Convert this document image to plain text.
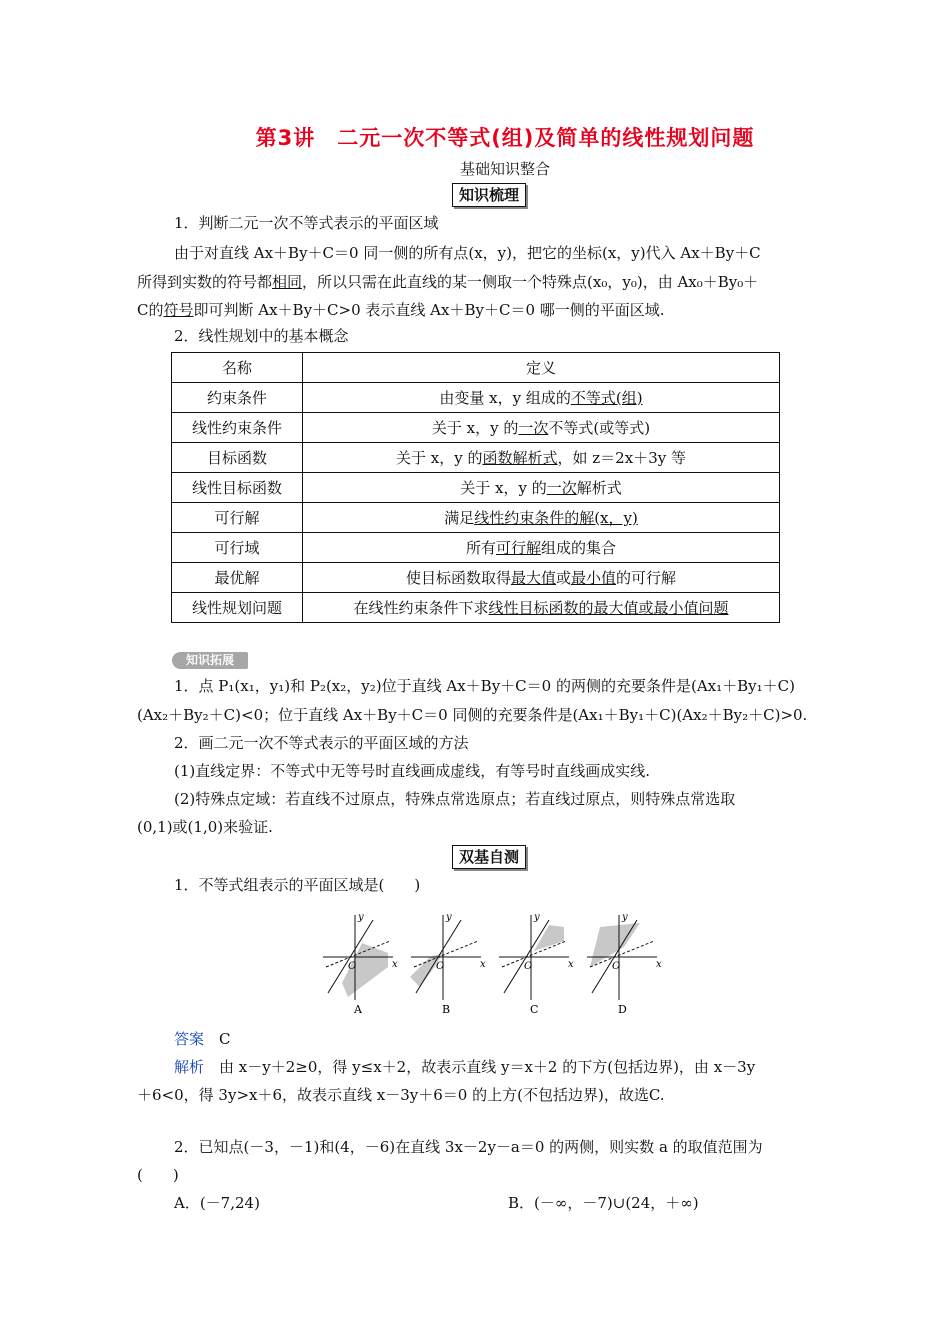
第3讲　二元一次不等式(组)及简单的线性规划问题
基础知识整合
知识梳理
1．判断二元一次不等式表示的平面区域
由于对直线 Ax＋By＋C＝0 同一侧的所有点(x，y)，把它的坐标(x，y)代入 Ax＋By＋C
所得到实数的符号都相同，所以只需在此直线的某一侧取一个特殊点(x₀，y₀)，由 Ax₀＋By₀＋
C的符号即可判断 Ax＋By＋C>0 表示直线 Ax＋By＋C＝0 哪一侧的平面区域.
2．线性规划中的基本概念
名称	定义
约束条件	由变量 x，y 组成的不等式(组)
线性约束条件	关于 x，y 的一次不等式(或等式)
目标函数	关于 x，y 的函数解析式，如 z＝2x＋3y 等
线性目标函数	关于 x，y 的一次解析式
可行解	满足线性约束条件的解(x，y)
可行域	所有可行解组成的集合
最优解	使目标函数取得最大值或最小值的可行解
线性规划问题	在线性约束条件下求线性目标函数的最大值或最小值问题
知识拓展
1．点 P₁(x₁，y₁)和 P₂(x₂，y₂)位于直线 Ax＋By＋C＝0 的两侧的充要条件是(Ax₁＋By₁＋C)
(Ax₂＋By₂＋C)<0；位于直线 Ax＋By＋C＝0 同侧的充要条件是(Ax₁＋By₁＋C)(Ax₂＋By₂＋C)>0.
2．画二元一次不等式表示的平面区域的方法
(1)直线定界：不等式中无等号时直线画成虚线，有等号时直线画成实线.
(2)特殊点定域：若直线不过原点，特殊点常选原点；若直线过原点，则特殊点常选取
(0,1)或(1,0)来验证.
双基自测
1．不等式组表示的平面区域是(　　)
y
x
O
A
y
x
O
B
y
x
O
C
y
x
O
D
答案　 C
解析　 由 x－y＋2≥0，得 y≤x＋2，故表示直线 y＝x＋2 的下方(包括边界)，由 x－3y
＋6<0，得 3y>x＋6，故表示直线 x－3y＋6＝0 的上方(不包括边界)，故选C.
2．已知点(－3，－1)和(4，－6)在直线 3x－2y－a＝0 的两侧，则实数 a 的取值范围为
(　　)
A．(－7,24)	B．(－∞，－7)∪(24，＋∞)
